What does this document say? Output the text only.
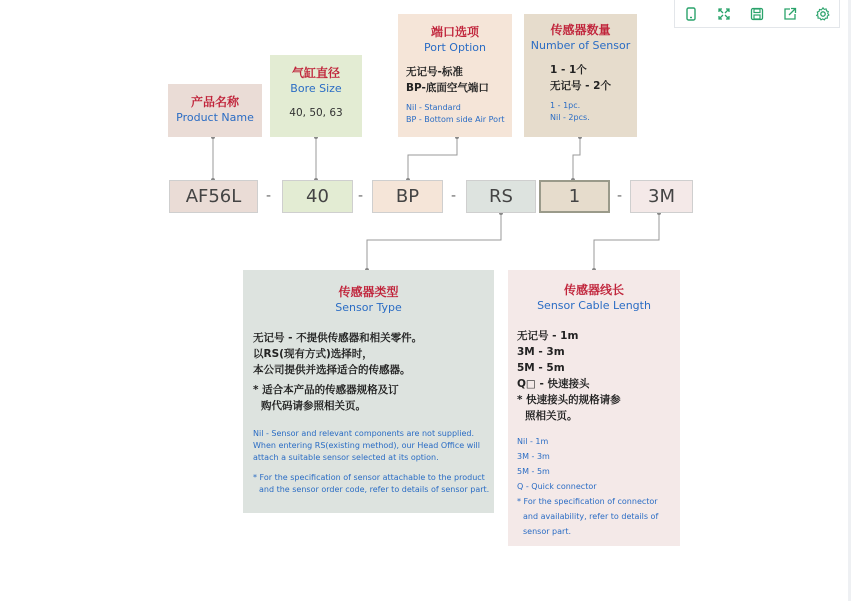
产品名称
Product Name
气缸直径
Bore Size
40, 50, 63
端口选项
Port Option
无记号-标准
BP-底面空气端口
Nil - Standard
BP - Bottom side Air Port
传感器数量
Number of Sensor
1 - 1个
无记号 - 2个
1 - 1pc.
Nil - 2pcs.
AF56L	-	40	-	BP	-	RS	1	-	3M
传感器类型
Sensor Type
无记号 - 不提供传感器和相关零件。
以RS(现有方式)选择时，
本公司提供并选择适合的传感器。
* 适合本产品的传感器规格及订
购代码请参照相关页。
Nil - Sensor and relevant components are not supplied.
When entering RS(existing method), our Head Office will
attach a suitable sensor selected at its option.
* For the specification of sensor attachable to the product
and the sensor order code, refer to details of sensor part.
传感器线长
Sensor Cable Length
无记号 - 1m
3M - 3m
5M - 5m
Q□ - 快速接头
* 快速接头的规格请参
照相关页。
Nil - 1m
3M - 3m
5M - 5m
Q - Quick connector
* For the specification of connector
and availability, refer to details of
sensor part.
